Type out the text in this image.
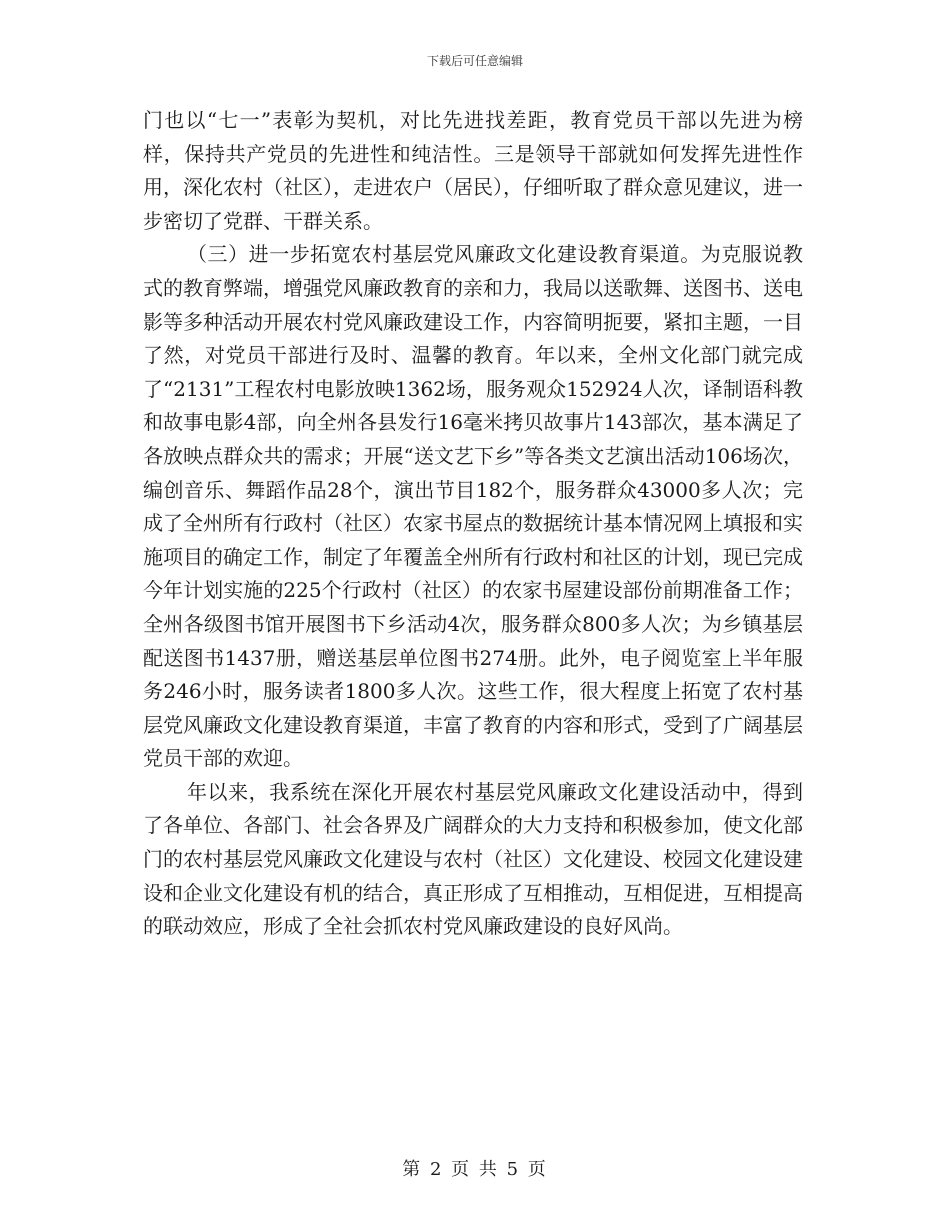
下载后可任意编辑

门也以“七一”表彰为契机，对比先进找差距，教育党员干部以先进为榜样，保持共产党员的先进性和纯洁性。三是领导干部就如何发挥先进性作用，深化农村（社区），走进农户（居民），仔细听取了群众意见建议，进一步密切了党群、干群关系。

（三）进一步拓宽农村基层党风廉政文化建设教育渠道。为克服说教式的教育弊端，增强党风廉政教育的亲和力，我局以送歌舞、送图书、送电影等多种活动开展农村党风廉政建设工作，内容简明扼要，紧扣主题，一目了然，对党员干部进行及时、温馨的教育。年以来，全州文化部门就完成了“2131”工程农村电影放映1362场，服务观众152924人次，译制语科教和故事电影4部，向全州各县发行16毫米拷贝故事片143部次，基本满足了各放映点群众共的需求；开展“送文艺下乡”等各类文艺演出活动106场次，编创音乐、舞蹈作品28个，演出节目182个，服务群众43000多人次；完成了全州所有行政村（社区）农家书屋点的数据统计基本情况网上填报和实施项目的确定工作，制定了年覆盖全州所有行政村和社区的计划，现已完成今年计划实施的225个行政村（社区）的农家书屋建设部份前期准备工作；全州各级图书馆开展图书下乡活动4次，服务群众800多人次；为乡镇基层配送图书1437册，赠送基层单位图书274册。此外，电子阅览室上半年服务246小时，服务读者1800多人次。这些工作，很大程度上拓宽了农村基层党风廉政文化建设教育渠道，丰富了教育的内容和形式，受到了广阔基层党员干部的欢迎。

年以来，我系统在深化开展农村基层党风廉政文化建设活动中，得到了各单位、各部门、社会各界及广阔群众的大力支持和积极参加，使文化部门的农村基层党风廉政文化建设与农村（社区）文化建设、校园文化建设建设和企业文化建设有机的结合，真正形成了互相推动，互相促进，互相提高的联动效应，形成了全社会抓农村党风廉政建设的良好风尚。

第 2 页 共 5 页
